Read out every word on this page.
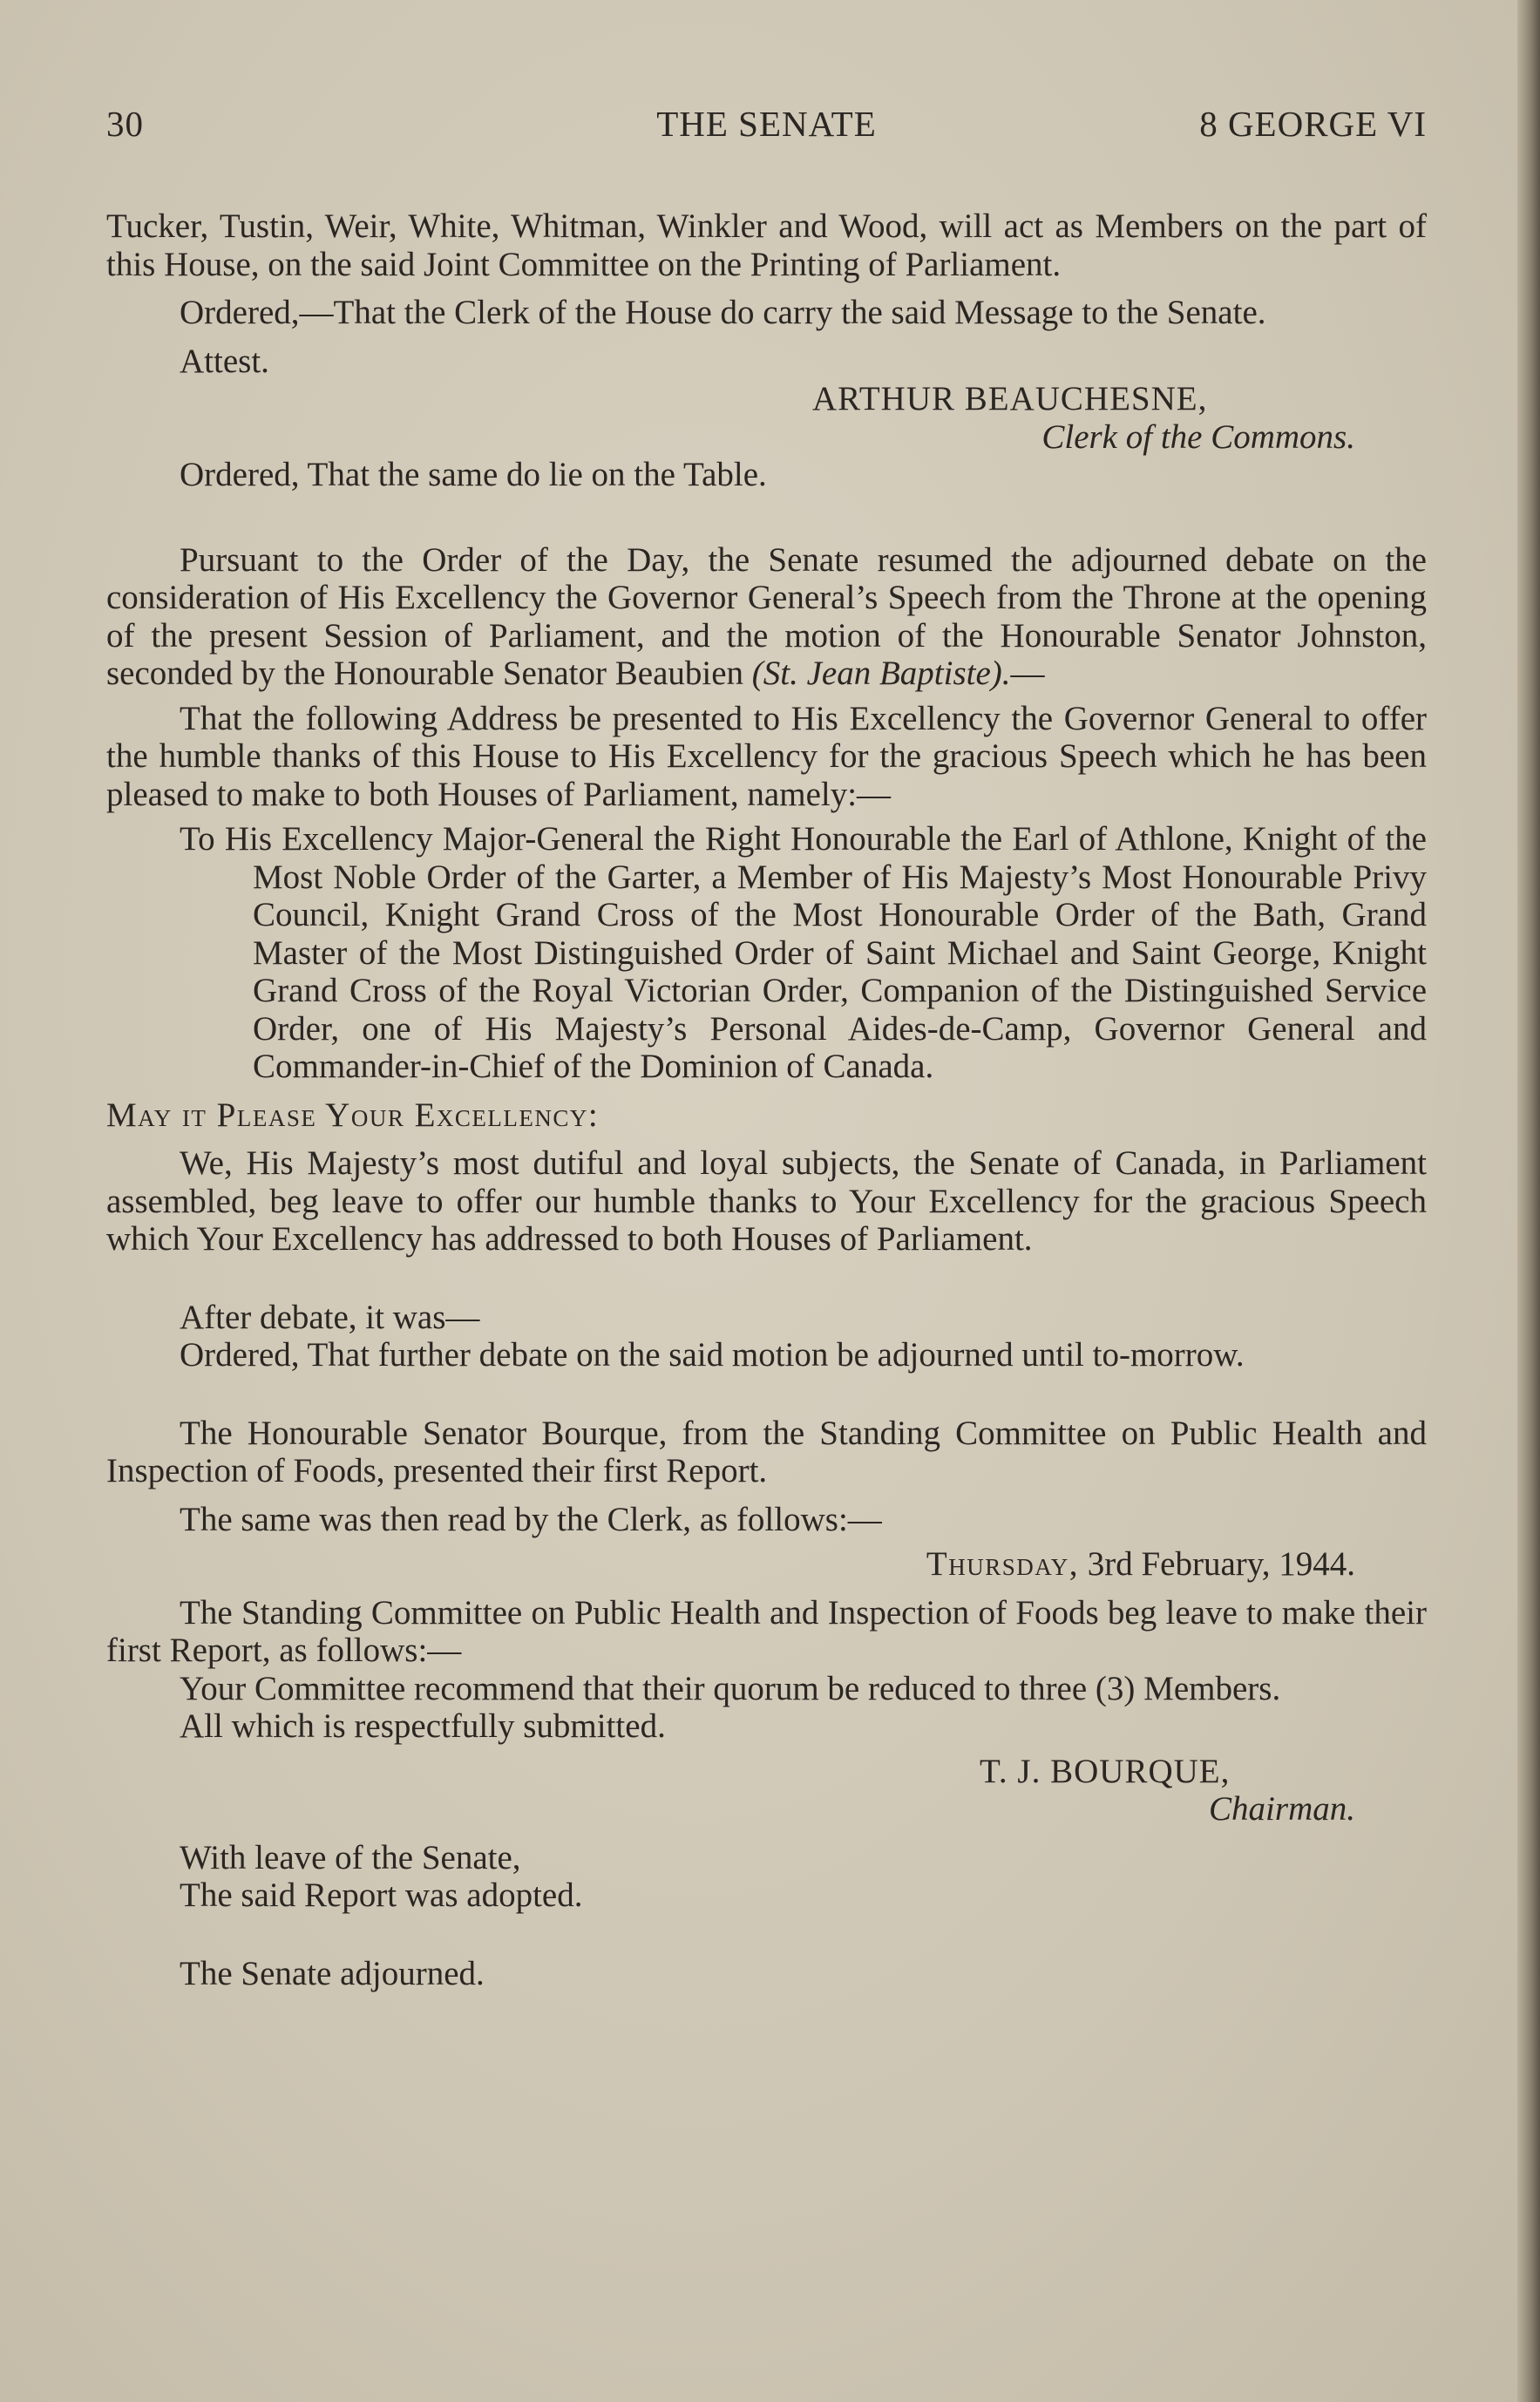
30	THE SENATE	8 GEORGE VI

Tucker, Tustin, Weir, White, Whitman, Winkler and Wood, will act as Members on the part of this House, on the said Joint Committee on the Printing of Parliament.

Ordered,—That the Clerk of the House do carry the said Message to the Senate.

Attest.

ARTHUR BEAUCHESNE,

Clerk of the Commons.

Ordered, That the same do lie on the Table.

Pursuant to the Order of the Day, the Senate resumed the adjourned debate on the consideration of His Excellency the Governor General’s Speech from the Throne at the opening of the present Session of Parliament, and the motion of the Honourable Senator Johnston, seconded by the Honourable Senator Beaubien (St. Jean Baptiste).—

That the following Address be presented to His Excellency the Governor General to offer the humble thanks of this House to His Excellency for the gracious Speech which he has been pleased to make to both Houses of Parliament, namely:—

To His Excellency Major-General the Right Honourable the Earl of Athlone, Knight of the Most Noble Order of the Garter, a Member of His Majesty’s Most Honourable Privy Council, Knight Grand Cross of the Most Honourable Order of the Bath, Grand Master of the Most Distinguished Order of Saint Michael and Saint George, Knight Grand Cross of the Royal Victorian Order, Companion of the Distinguished Service Order, one of His Majesty’s Personal Aides-de-Camp, Governor General and Commander-in-Chief of the Dominion of Canada.

May it Please Your Excellency:

We, His Majesty’s most dutiful and loyal subjects, the Senate of Canada, in Parliament assembled, beg leave to offer our humble thanks to Your Excellency for the gracious Speech which Your Excellency has addressed to both Houses of Parliament.

After debate, it was—

Ordered, That further debate on the said motion be adjourned until to-morrow.

The Honourable Senator Bourque, from the Standing Committee on Public Health and Inspection of Foods, presented their first Report.

The same was then read by the Clerk, as follows:—

Thursday, 3rd February, 1944.

The Standing Committee on Public Health and Inspection of Foods beg leave to make their first Report, as follows:—

Your Committee recommend that their quorum be reduced to three (3) Members.

All which is respectfully submitted.

T. J. BOURQUE,

Chairman.

With leave of the Senate,

The said Report was adopted.

The Senate adjourned.
